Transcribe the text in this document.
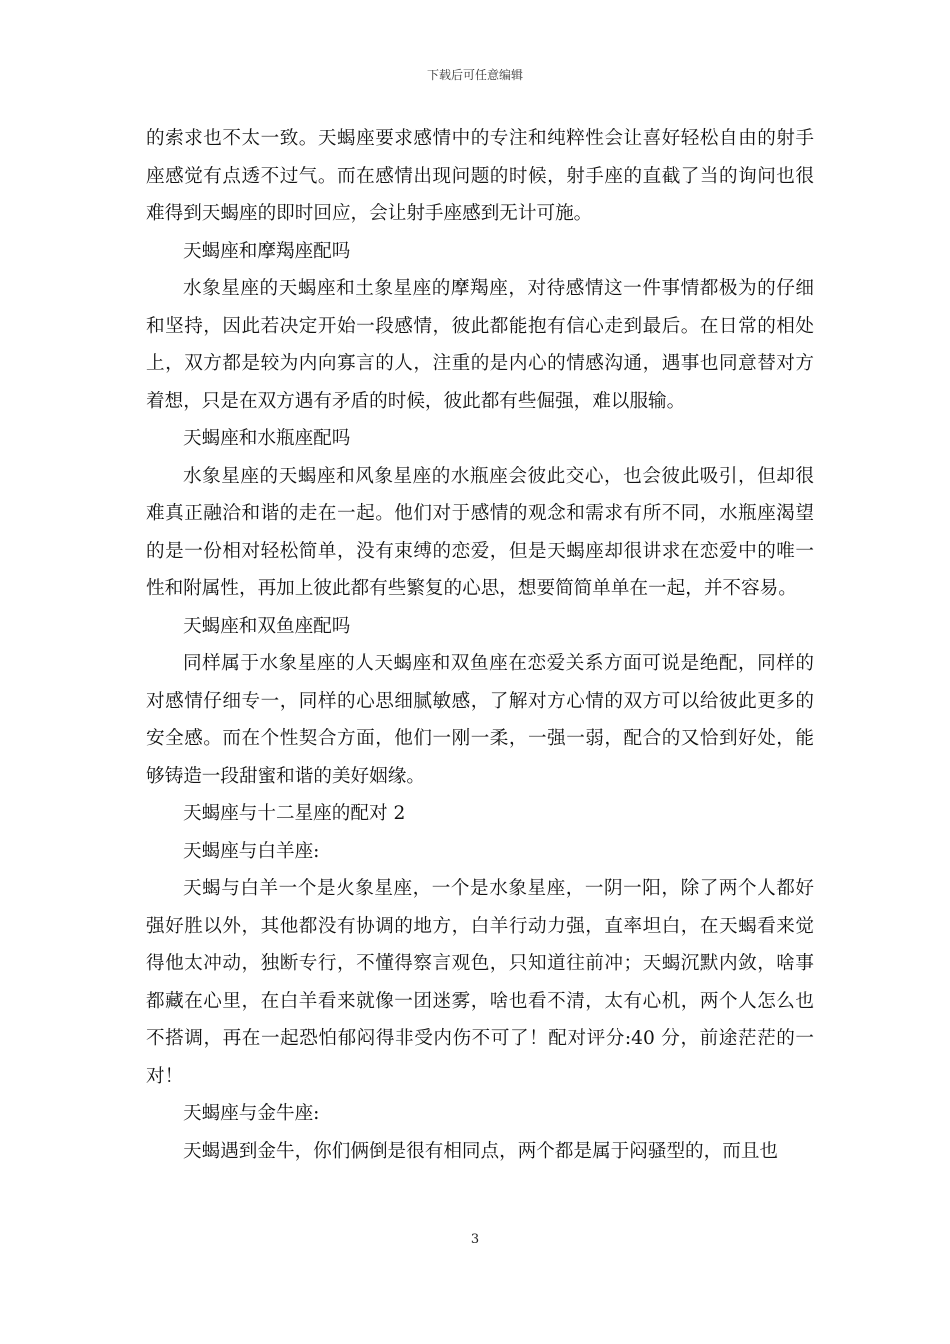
下载后可任意编辑

的索求也不太一致。天蝎座要求感情中的专注和纯粹性会让喜好轻松自由的射手座感觉有点透不过气。而在感情出现问题的时候，射手座的直截了当的询问也很难得到天蝎座的即时回应，会让射手座感到无计可施。

天蝎座和摩羯座配吗

水象星座的天蝎座和土象星座的摩羯座，对待感情这一件事情都极为的仔细和坚持，因此若决定开始一段感情，彼此都能抱有信心走到最后。在日常的相处上，双方都是较为内向寡言的人，注重的是内心的情感沟通，遇事也同意替对方着想，只是在双方遇有矛盾的时候，彼此都有些倔强，难以服输。

天蝎座和水瓶座配吗

水象星座的天蝎座和风象星座的水瓶座会彼此交心，也会彼此吸引，但却很难真正融洽和谐的走在一起。他们对于感情的观念和需求有所不同，水瓶座渴望的是一份相对轻松简单，没有束缚的恋爱，但是天蝎座却很讲求在恋爱中的唯一性和附属性，再加上彼此都有些繁复的心思，想要简简单单在一起，并不容易。

天蝎座和双鱼座配吗

同样属于水象星座的人天蝎座和双鱼座在恋爱关系方面可说是绝配，同样的对感情仔细专一，同样的心思细腻敏感，了解对方心情的双方可以给彼此更多的安全感。而在个性契合方面，他们一刚一柔，一强一弱，配合的又恰到好处，能够铸造一段甜蜜和谐的美好姻缘。

天蝎座与十二星座的配对 2

天蝎座与白羊座:

天蝎与白羊一个是火象星座，一个是水象星座，一阴一阳，除了两个人都好强好胜以外，其他都没有协调的地方，白羊行动力强，直率坦白，在天蝎看来觉得他太冲动，独断专行，不懂得察言观色，只知道往前冲；天蝎沉默内敛，啥事都藏在心里，在白羊看来就像一团迷雾，啥也看不清，太有心机，两个人怎么也不搭调，再在一起恐怕郁闷得非受内伤不可了！配对评分:40 分，前途茫茫的一对！

天蝎座与金牛座:

天蝎遇到金牛，你们俩倒是很有相同点，两个都是属于闷骚型的，而且也

3
